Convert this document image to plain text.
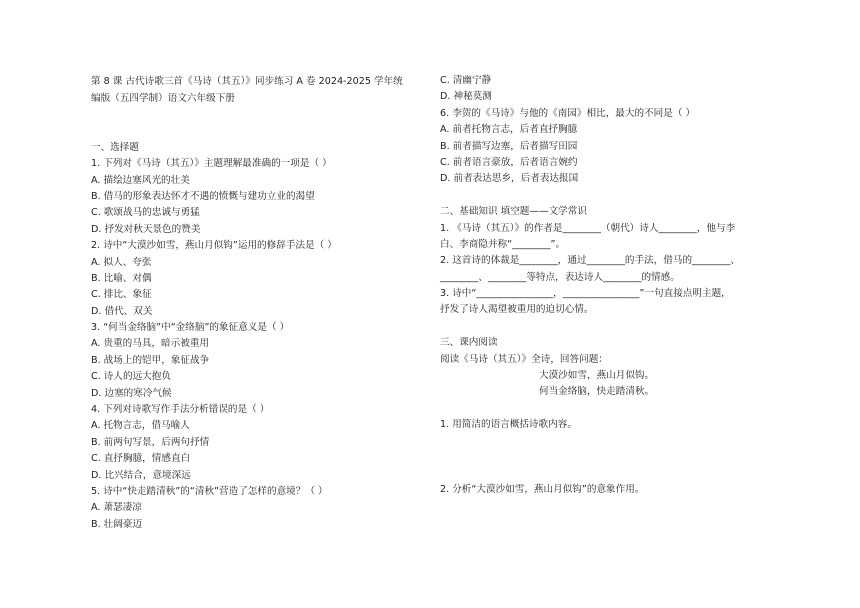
第 8 课 古代诗歌三首《马诗（其五）》同步练习 A 卷 2024-2025 学年统
编版（五四学制）语文六年级下册
一、选择题
1. 下列对《马诗（其五）》主题理解最准确的一项是（ ）
A. 描绘边塞风光的壮美
B. 借马的形象表达怀才不遇的愤慨与建功立业的渴望
C. 歌颂战马的忠诚与勇猛
D. 抒发对秋天景色的赞美
2. 诗中“大漠沙如雪，燕山月似钩”运用的修辞手法是（ ）
A. 拟人、夸张
B. 比喻、对偶
C. 排比、象征
D. 借代、双关
3. “何当金络脑”中“金络脑”的象征意义是（ ）
A. 贵重的马具，暗示被重用
B. 战场上的铠甲，象征战争
C. 诗人的远大抱负
D. 边塞的寒冷气候
4. 下列对诗歌写作手法分析错误的是（ ）
A. 托物言志，借马喻人
B. 前两句写景，后两句抒情
C. 直抒胸臆，情感直白
D. 比兴结合，意境深远
5. 诗中“快走踏清秋”的“清秋”营造了怎样的意境？（ ）
A. 萧瑟凄凉
B. 壮阔豪迈
C. 清幽宁静
D. 神秘莫测
6. 李贺的《马诗》与他的《南园》相比，最大的不同是（ ）
A. 前者托物言志，后者直抒胸臆
B. 前者描写边塞，后者描写田园
C. 前者语言豪放，后者语言婉约
D. 前者表达思乡，后者表达报国
二、基础知识 填空题——文学常识
1. 《马诗（其五）》的作者是________（朝代）诗人________，他与李
白、李商隐并称“________”。
2. 这首诗的体裁是________，通过________的手法，借马的________、
________、________等特点，表达诗人________的情感。
3. 诗中“________________，________________”一句直接点明主题，
抒发了诗人渴望被重用的迫切心情。
三、课内阅读
阅读《马诗（其五）》全诗，回答问题：
大漠沙如雪，燕山月似钩。
何当金络脑，快走踏清秋。
1. 用简洁的语言概括诗歌内容。
2. 分析“大漠沙如雪，燕山月似钩”的意象作用。
